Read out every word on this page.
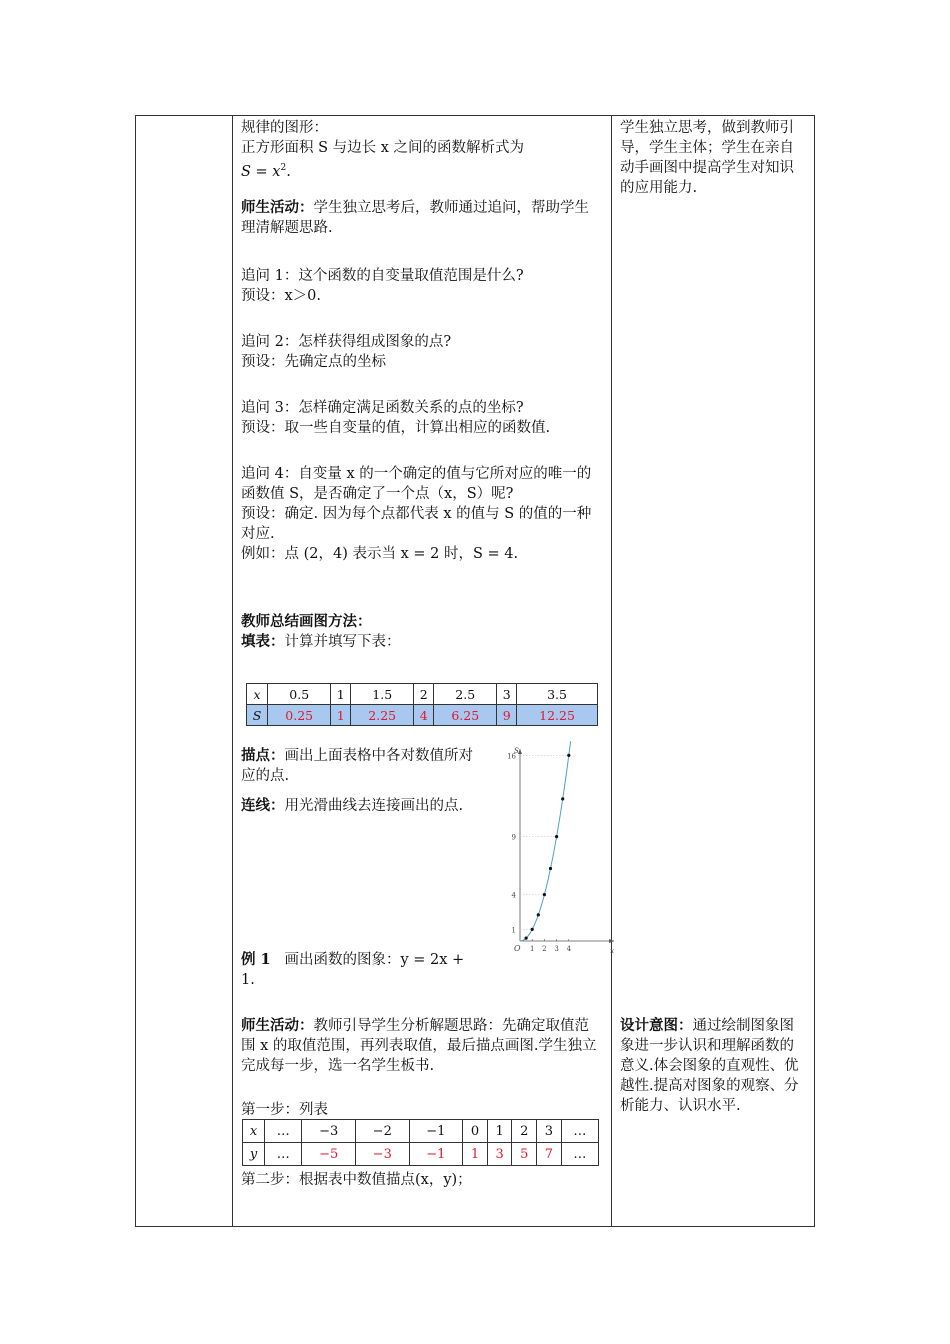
规律的图形：

正方形面积 S 与边长 x 之间的函数解析式为

$S = x^2$.

师生活动：学生独立思考后，教师通过追问，帮助学生理清解题思路.

追问 1：这个函数的自变量取值范围是什么?

预设：x＞0.

追问 2：怎样获得组成图象的点?

预设：先确定点的坐标

追问 3：怎样确定满足函数关系的点的坐标?

预设：取一些自变量的值，计算出相应的函数值.

追问 4：自变量 x 的一个确定的值与它所对应的唯一的函数值 S，是否确定了一个点（x，S）呢?

预设：确定. 因为每个点都代表 x 的值与 S 的值的一种对应.

例如：点 (2，4) 表示当 x = 2 时，S = 4.

教师总结画图方法：

填表：计算并填写下表：

x	0.5	1	1.5	2	2.5	3	3.5
S	0.25	1	2.25	4	6.25	9	12.25
描点：画出上面表格中各对数值所对应的点.
连线：用光滑曲线去连接画出的点.
S
x
O
1
4
9
16
1 2 3 4
例 1 画出函数的图象：y = 2x + 1.
师生活动：教师引导学生分析解题思路：先确定取值范围 x 的取值范围，再列表取值，最后描点画图.学生独立完成每一步，选一名学生板书.
第一步：列表
x	…	−3	−2	−1	0	1	2	3	…
y	…	−5	−3	−1	1	3	5	7	…
第二步：根据表中数值描点(x，y)；
学生独立思考，做到教师引导，学生主体；学生在亲自动手画图中提高学生对知识的应用能力.
设计意图：通过绘制图象图象进一步认识和理解函数的意义.体会图象的直观性、优越性.提高对图象的观察、分析能力、认识水平.
